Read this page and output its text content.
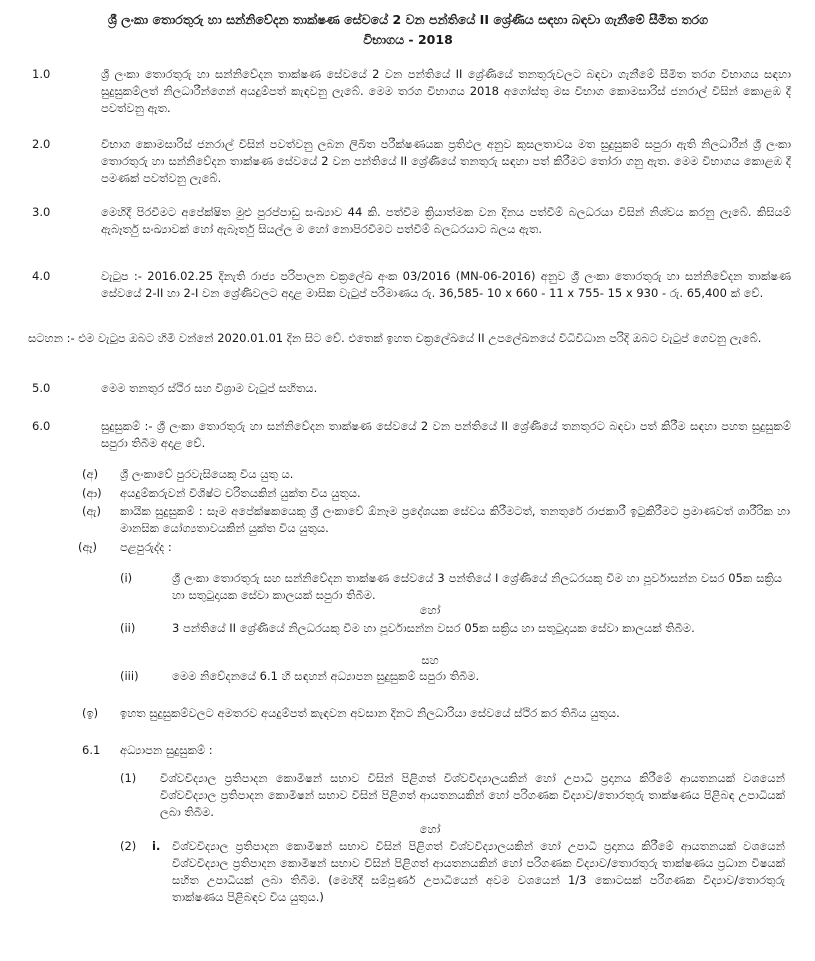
ශ්‍රී ලංකා තොරතුරු හා සන්නිවේදන තාක්ෂණ සේවයේ 2 වන පන්තියේ II ශ්‍රේණිය සඳහා බඳවා ගැනීමේ සීමිත තරග
විභාගය - 2018
1.0	ශ්‍රී ලංකා තොරතුරු හා සන්නිවේදන තාක්ෂණ සේවයේ 2 වන පන්තියේ II ශ්‍රේණියේ තනතුරුවලට බඳවා ගැනීමේ සීමිත තරග විභාගය සඳහා සුදුසුකම්ලත් නිලධාරීන්ගෙන් අයදුම්පත් කැඳවනු ලැබේ. මෙම තරග විභාගය 2018 අගෝස්තු මස විභාග කොමසාරිස් ජනරාල් විසින් කොළඹ දී පවත්වනු ඇත.
2.0	විභාග කොමසාරිස් ජනරාල් විසින් පවත්වනු ලබන ලිඛිත පරීක්ෂණයක ප්‍රතිඵල අනුව කුසලතාවය මත සුදුසුකම් සපුරා ඇති නිලධාරීන් ශ්‍රී ලංකා තොරතුරු හා සන්නිවේදන තාක්ෂණ සේවයේ 2 වන පන්තියේ II ශ්‍රේණියේ තනතුරු සඳහා පත් කිරීමට තෝරා ගනු ඇත. මෙම විභාගය කොළඹ දී පමණක් පවත්වනු ලැබේ.
3.0	මෙහිදී පිරවීමට අපේක්ෂිත මුළු පුරප්පාඩු සංඛ්‍යාව 44 කි. පත්වීම ක්‍රියාත්මක වන දිනය පත්වීම් බලධරයා විසින් නිශ්චය කරනු ලැබේ. කිසියම් ඇබෑර්තු සංඛ්‍යාවක් හෝ ඇබෑර්තු සියල්ල ම හෝ නොපිරවීමට පත්වීම් බලධරයාට බලය ඇත.
4.0	වැටුප :- 2016.02.25 දිනැති රාජ්‍ය පරිපාලන චක්‍රලේඛ අංක 03/2016 (MN-06-2016) අනුව ශ්‍රී ලංකා තොරතුරු හා සන්නිවේදන තාක්ෂණ සේවයේ 2-II හා 2-I වන ශ්‍රේණිවලට අදාළ මාසික වැටුප් පරිමාණය රු. 36,585- 10 x 660 - 11 x 755- 15 x 930 - රු. 65,400 ක් වේ.
සටහන :- එම වැටුප ඔබට හිමි වන්නේ 2020.01.01 දින සිට වේ. එතෙක් ඉහත චක්‍රලේඛයේ II උපලේඛනයේ විධිවිධාන පරිදි ඔබට වැටුප් ගෙවනු ලැබේ.
5.0	මෙම තනතුර ස්ථිර සහ විශ්‍රාම වැටුප් සහිතය.
6.0	සුදුසුකම් :- ශ්‍රී ලංකා තොරතුරු හා සන්නිවේදන තාක්ෂණ සේවයේ 2 වන පන්තියේ II ශ්‍රේණියේ තනතුරට බඳවා පත් කිරීම සඳහා පහත සුදුසුකම් සපුරා තිබීම අදාළ වේ.
(අ)	ශ්‍රී ලංකාවේ පුරවැසියෙකු විය යුතු ය.
(ආ)	අයදුම්කරුවන් විශිෂ්ට චරිතයකින් යුක්ත විය යුතුය.
(ඇ)	කායික සුදුසුකම් : සෑම අපේක්ෂකයෙකු ශ්‍රී ලංකාවේ ඕනෑම ප්‍රදේශයක සේවය කිරීමටත්, තනතුරේ රාජකාරී ඉටුකිරීමට ප්‍රමාණවත් ශාරීරික හා මානසික යෝග්‍යතාවයකින් යුක්ත විය යුතුය.
(ඈ)	පළපුරුද්ද :
(i)	ශ්‍රී ලංකා තොරතුරු සහ සන්නිවේදන තාක්ෂණ සේවයේ 3 පන්තියේ I ශ්‍රේණියේ නිලධරයකු වීම හා පූර්වාසන්න වසර 05ක සක්‍රිය හා සතුටුදායක සේවා කාලයක් සපුරා තිබීම.
හෝ
(ii)	3 පන්තියේ II ශ්‍රේණියේ නිලධරයකු වීම හා පූර්වාසන්න වසර 05ක සක්‍රිය හා සතුටුදායක සේවා කාලයක් තිබීම.
සහ
(iii)	මෙම නිවේදනයේ 6.1 හි සඳහන් අධ්‍යාපන සුදුසුකම් සපුරා තිබීම.
(ඉ)	ඉහත සුදුසුකම්වලට අමතරව අයදුම්පත් කැඳවන අවසාන දිනට නිලධාරියා සේවයේ ස්ථිර කර තිබිය යුතුය.
6.1	අධ්‍යාපන සුදුසුකම් :
(1)	විශ්වවිද්‍යාල ප්‍රතිපාදන කොමිෂන් සභාව විසින් පිළිගත් විශ්වවිද්‍යාලයකින් හෝ උපාධි ප්‍රදානය කිරීමේ ආයතනයක් වශයෙන් විශ්වවිද්‍යාල ප්‍රතිපාදන කොමිෂන් සභාව විසින් පිළිගත් ආයතනයකින් හෝ පරිගණක විද්‍යාව/තොරතුරු තාක්ෂණය පිළිබඳ උපාධියක් ලබා තිබීම.
හෝ
(2)	i.	විශ්වවිද්‍යාල ප්‍රතිපාදන කොමිෂන් සභාව විසින් පිළිගත් විශ්වවිද්‍යාලයකින් හෝ උපාධි ප්‍රදානය කිරීමේ ආයතනයක් වශයෙන් විශ්වවිද්‍යාල ප්‍රතිපාදන කොමිෂන් සභාව විසින් පිළිගත් ආයතනයකින් හෝ පරිගණක විද්‍යාව/තොරතුරු තාක්ෂණය ප්‍රධාන විෂයක් සහිත උපාධියක් ලබා තිබීම. (මෙහිදී සම්පූර්ණ උපාධියෙන් අවම වශයෙන් 1/3 කොටසක් පරිගණක විද්‍යාව/තොරතුරු තාක්ෂණය පිළිබඳව විය යුතුය.)
